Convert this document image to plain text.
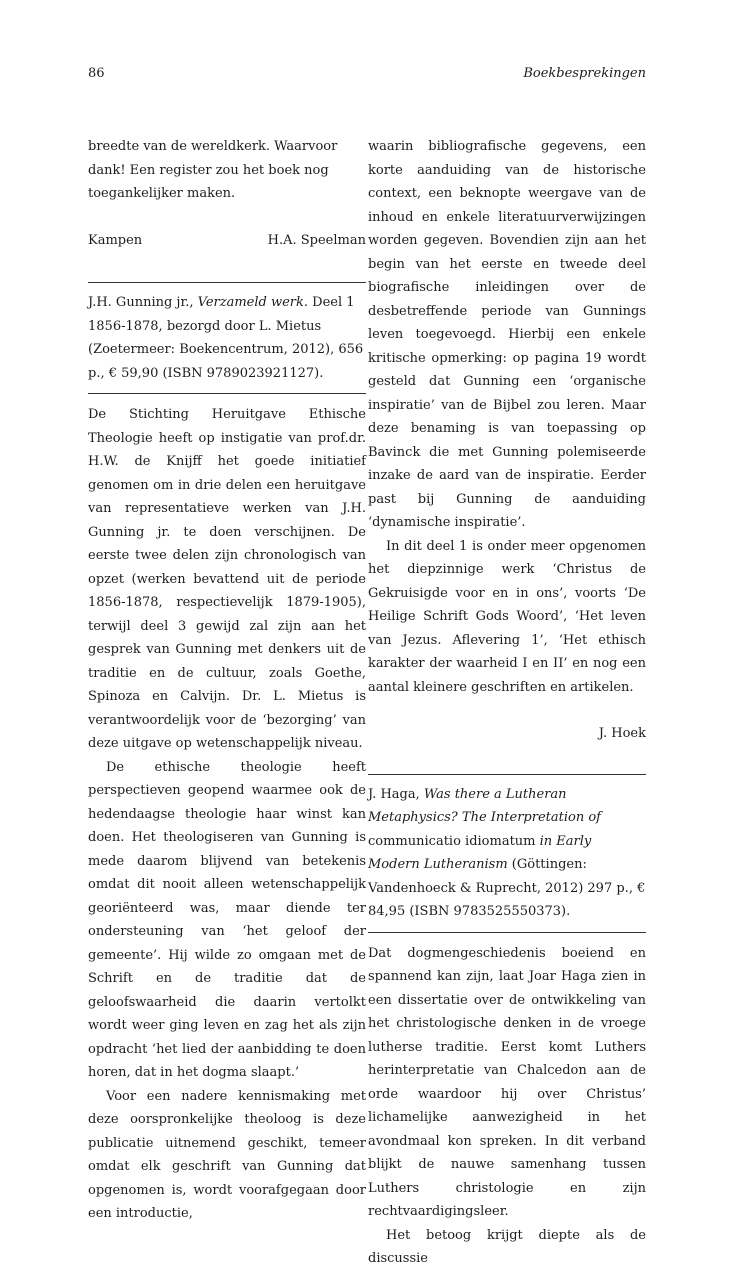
86	Boekbesprekingen

breedte van de wereldkerk. Waarvoor dank! Een register zou het boek nog toegankelijker maken.

Kampen	H.A. Speelman

J.H. Gunning jr., Verzameld werk. Deel 1 1856-1878, bezorgd door L. Mietus (Zoetermeer: Boekencentrum, 2012), 656 p., € 59,90 (ISBN 9789023921127).

De Stichting Heruitgave Ethische Theologie heeft op instigatie van prof.dr. H.W. de Knijff het goede initiatief genomen om in drie delen een heruitgave van representatieve werken van J.H. Gunning jr. te doen verschijnen. De eerste twee delen zijn chronologisch van opzet (werken bevattend uit de periode 1856-1878, respectievelijk 1879-1905), terwijl deel 3 gewijd zal zijn aan het gesprek van Gunning met denkers uit de traditie en de cultuur, zoals Goethe, Spinoza en Calvijn. Dr. L. Mietus is verantwoordelijk voor de ‘bezorging’ van deze uitgave op wetenschappelijk niveau.

De ethische theologie heeft perspectieven geopend waarmee ook de hedendaagse theologie haar winst kan doen. Het theologiseren van Gunning is mede daarom blijvend van betekenis omdat dit nooit alleen wetenschappelijk georiënteerd was, maar diende ter ondersteuning van ‘het geloof der gemeente’. Hij wilde zo omgaan met de Schrift en de traditie dat de geloofswaarheid die daarin vertolkt wordt weer ging leven en zag het als zijn opdracht ‘het lied der aanbidding te doen horen, dat in het dogma slaapt.’

Voor een nadere kennismaking met deze oorspronkelijke theoloog is deze publicatie uitnemend geschikt, temeer omdat elk geschrift van Gunning dat opgenomen is, wordt voorafgegaan door een introductie,

waarin bibliografische gegevens, een korte aanduiding van de historische context, een beknopte weergave van de inhoud en enkele literatuurverwijzingen worden gegeven. Bovendien zijn aan het begin van het eerste en tweede deel biografische inleidingen over de desbetreffende periode van Gunnings leven toegevoegd. Hierbij een enkele kritische opmerking: op pagina 19 wordt gesteld dat Gunning een ‘organische inspiratie’ van de Bijbel zou leren. Maar deze benaming is van toepassing op Bavinck die met Gunning polemiseerde inzake de aard van de inspiratie. Eerder past bij Gunning de aanduiding ‘dynamische inspiratie’.

In dit deel 1 is onder meer opgenomen het diepzinnige werk ‘Christus de Gekruisigde voor en in ons’, voorts ‘De Heilige Schrift Gods Woord’, ‘Het leven van Jezus. Aflevering 1’, ‘Het ethisch karakter der waarheid I en II’ en nog een aantal kleinere geschriften en artikelen.

J. Hoek

J. Haga, Was there a Lutheran Metaphysics? The Interpretation of communicatio idiomatum in Early Modern Lutheranism (Göttingen: Vandenhoeck & Ruprecht, 2012) 297 p., € 84,95 (ISBN 9783525550373).

Dat dogmengeschiedenis boeiend en spannend kan zijn, laat Joar Haga zien in een dissertatie over de ontwikkeling van het christologische denken in de vroege lutherse traditie. Eerst komt Luthers herinterpretatie van Chalcedon aan de orde waardoor hij over Christus’ lichamelijke aanwezigheid in het avondmaal kon spreken. In dit verband blijkt de nauwe samenhang tussen Luthers christologie en zijn rechtvaardigingsleer.

Het betoog krijgt diepte als de discussie
